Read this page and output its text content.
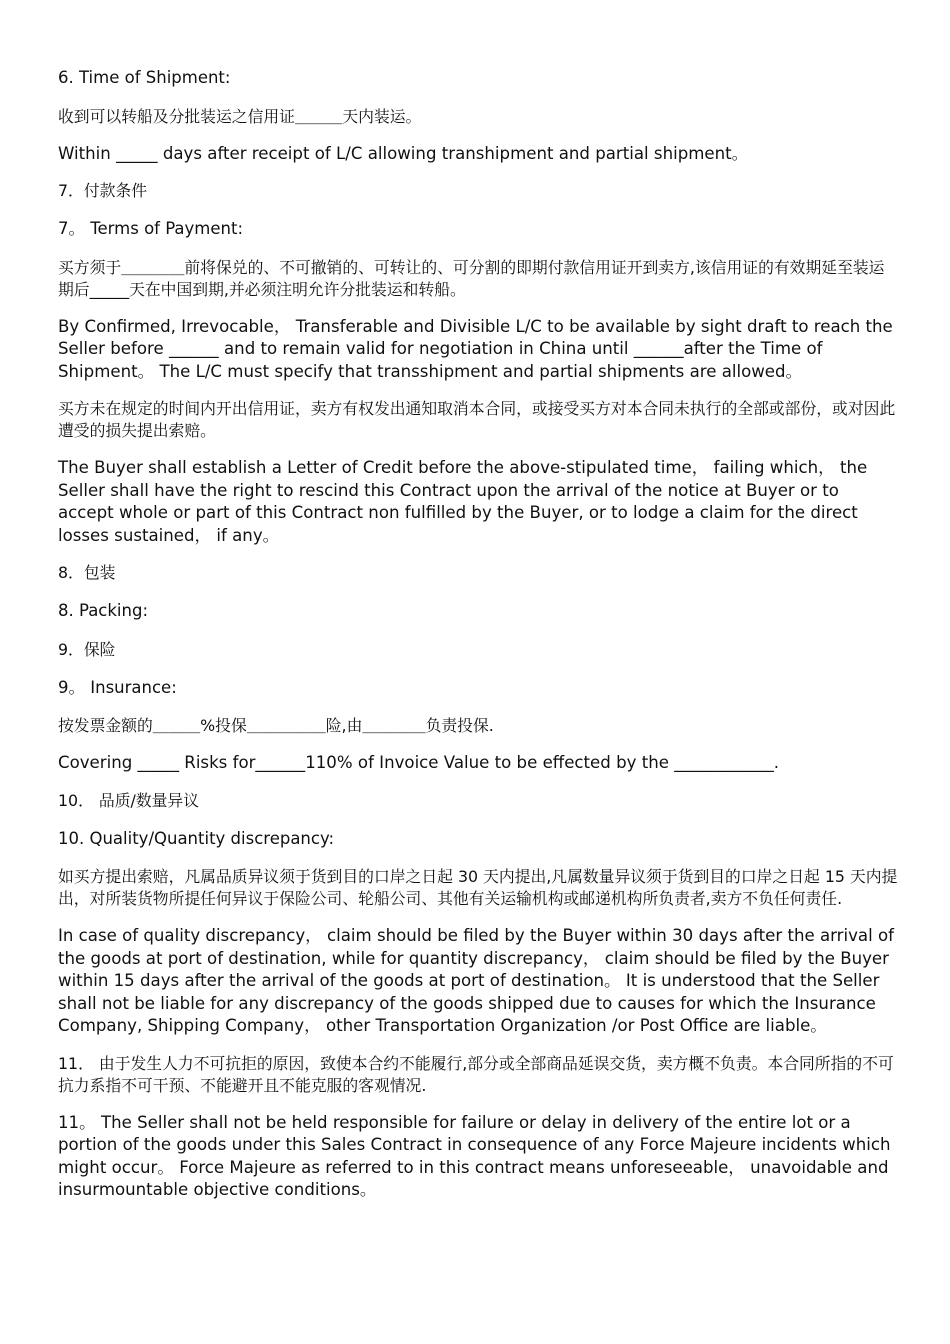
6. Time of Shipment:

收到可以转船及分批装运之信用证＿＿＿天内装运。

Within _____ days after receipt of L/C allowing transhipment and partial shipment。

7．付款条件

7。 Terms of Payment:

买方须于＿＿＿＿前将保兑的、不可撤销的、可转让的、可分割的即期付款信用证开到卖方,该信用证的有效期延至装运期后_____天在中国到期,并必须注明允许分批装运和转船。

By Confirmed, Irrevocable， Transferable and Divisible L/C to be available by sight draft to reach the Seller before ______ and to remain valid for negotiation in China until ______after the Time of Shipment。 The L/C must specify that transshipment and partial shipments are allowed。

买方未在规定的时间内开出信用证，卖方有权发出通知取消本合同，或接受买方对本合同未执行的全部或部份，或对因此遭受的损失提出索赔。

The Buyer shall establish a Letter of Credit before the above-stipulated time， failing which， the Seller shall have the right to rescind this Contract upon the arrival of the notice at Buyer or to accept whole or part of this Contract non fulfilled by the Buyer, or to lodge a claim for the direct losses sustained， if any。

8．包装

8. Packing:

9．保险

9。 Insurance:

按发票金额的＿＿＿%投保＿＿＿＿＿险,由＿＿＿＿负责投保.

Covering _____ Risks for______110% of Invoice Value to be effected by the ____________.

10． 品质/数量异议

10. Quality/Quantity discrepancy:

如买方提出索赔，凡属品质异议须于货到目的口岸之日起 30 天内提出,凡属数量异议须于货到目的口岸之日起 15 天内提出，对所装货物所提任何异议于保险公司、轮船公司、其他有关运输机构或邮递机构所负责者,卖方不负任何责任.

In case of quality discrepancy， claim should be filed by the Buyer within 30 days after the arrival of the goods at port of destination, while for quantity discrepancy， claim should be filed by the Buyer within 15 days after the arrival of the goods at port of destination。 It is understood that the Seller shall not be liable for any discrepancy of the goods shipped due to causes for which the Insurance Company, Shipping Company， other Transportation Organization /or Post Office are liable。

11． 由于发生人力不可抗拒的原因，致使本合约不能履行,部分或全部商品延误交货，卖方概不负责。本合同所指的不可抗力系指不可干预、不能避开且不能克服的客观情况.

11。 The Seller shall not be held responsible for failure or delay in delivery of the entire lot or a portion of the goods under this Sales Contract in consequence of any Force Majeure incidents which might occur。 Force Majeure as referred to in this contract means unforeseeable， unavoidable and insurmountable objective conditions。
